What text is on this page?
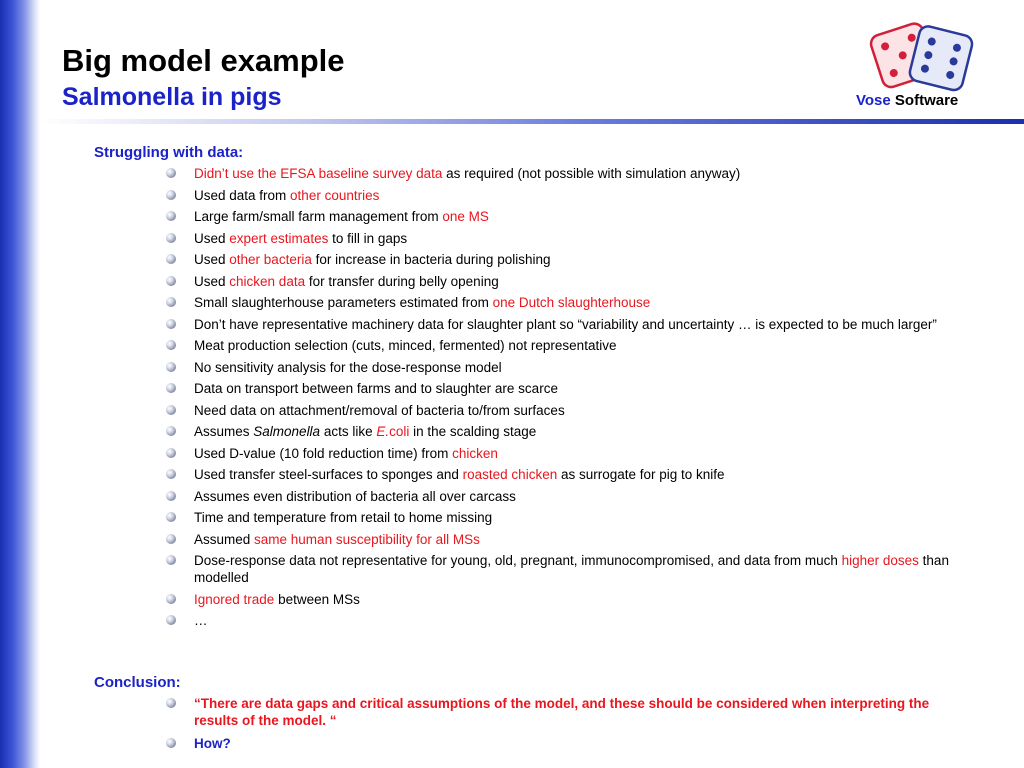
Big model example
Salmonella in pigs	Vose Software
Struggling with data:
Didn’t use the EFSA baseline survey data as required (not possible with simulation anyway)
Used data from other countries
Large farm/small farm management from one MS
Used expert estimates to fill in gaps
Used other bacteria for increase in bacteria during polishing
Used chicken data for transfer during belly opening
Small slaughterhouse parameters estimated from one Dutch slaughterhouse
Don’t have representative machinery data for slaughter plant so “variability and uncertainty … is expected to be much larger”
Meat production selection (cuts, minced, fermented) not representative
No sensitivity analysis for the dose-response model
Data on transport between farms and to slaughter are scarce
Need data on attachment/removal of bacteria to/from surfaces
Assumes Salmonella acts like E.coli in the scalding stage
Used D-value (10 fold reduction time) from chicken
Used transfer steel-surfaces to sponges and roasted chicken as surrogate for pig to knife
Assumes even distribution of bacteria all over carcass
Time and temperature from retail to home missing
Assumed same human susceptibility for all MSs
Dose-response data not representative for young, old, pregnant, immunocompromised, and data from much higher doses than modelled
Ignored trade between MSs
…
Conclusion:
“There are data gaps and critical assumptions of the model, and these should be considered when interpreting the results of the model. “
How?
